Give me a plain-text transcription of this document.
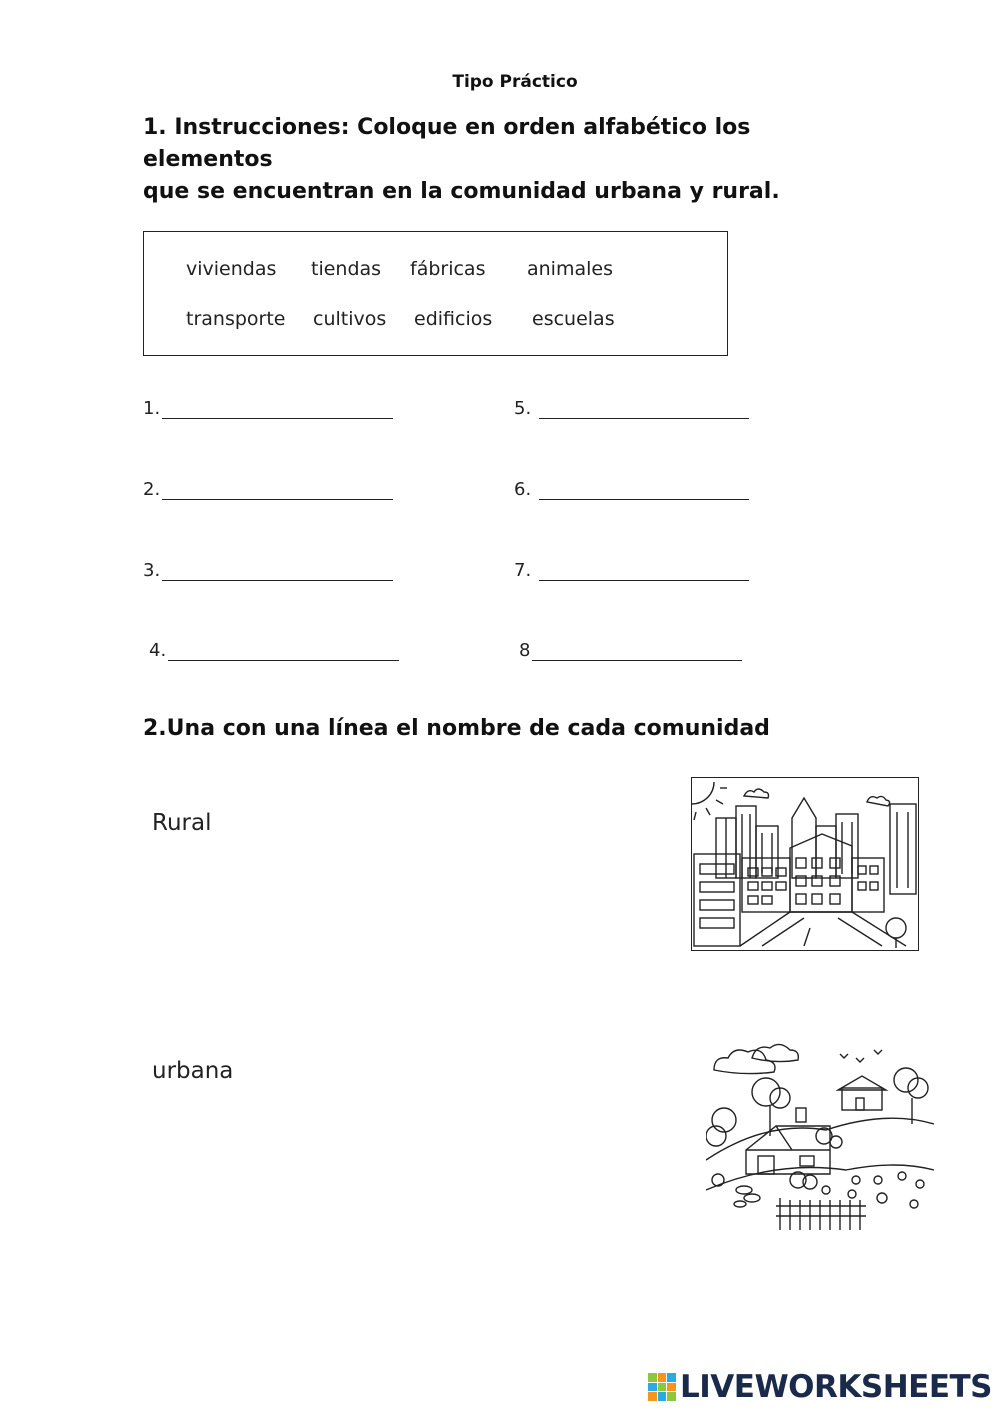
Tipo Práctico
1. Instrucciones: Coloque en orden alfabético los elementos
que se encuentran en la comunidad urbana y rural.
viviendas tiendas fábricas animales
transporte cultivos edificios escuelas
1.
2.
3.
4.
5.
6.
7.
8
2.Una con una línea el nombre de cada comunidad
Rural
urbana
LIVEWORKSHEETS
